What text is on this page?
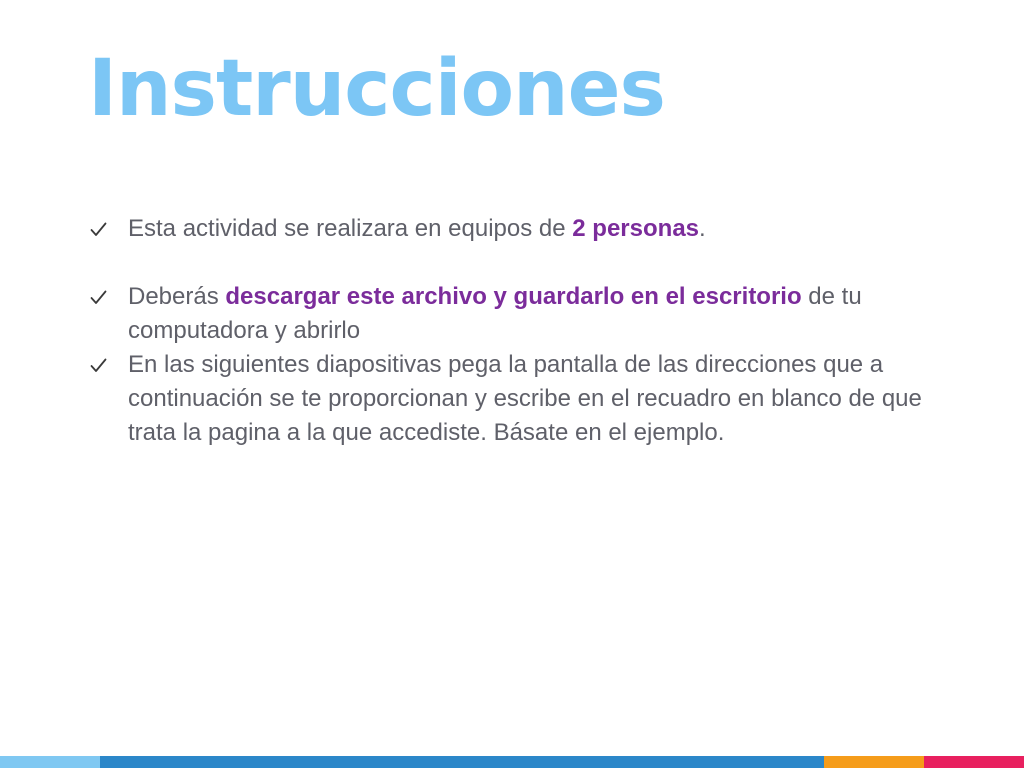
Instrucciones
Esta actividad se realizara en equipos de 2 personas.
Deberás descargar este archivo y guardarlo en el escritorio de tu computadora y abrirlo
En las siguientes diapositivas pega la pantalla de las direcciones que a continuación se te proporcionan y escribe en el recuadro en blanco de que trata la pagina a la que accediste. Básate en el ejemplo.
